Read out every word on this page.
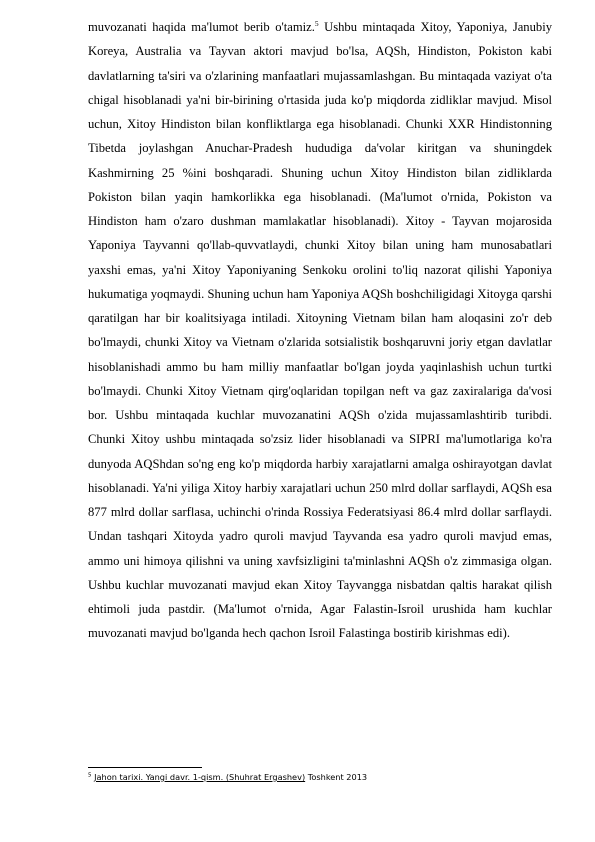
muvozanati haqida ma'lumot berib o'tamiz.$^5$ Ushbu mintaqada Xitoy, Yaponiya, Janubiy Koreya, Australia va Tayvan aktori mavjud bo'lsa, AQSh, Hindiston, Pokiston kabi davlatlarning ta'siri va o'zlarining manfaatlari mujassamlashgan. Bu mintaqada vaziyat o'ta chigal hisoblanadi ya'ni bir-birining o'rtasida juda ko'p miqdorda zidliklar mavjud. Misol uchun, Xitoy Hindiston bilan konfliktlarga ega hisoblanadi. Chunki XXR Hindistonning Tibetda joylashgan Anuchar-Pradesh hududiga da'volar kiritgan va shuningdek Kashmirning 25 %ini boshqaradi. Shuning uchun Xitoy Hindiston bilan zidliklarda Pokiston bilan yaqin hamkorlikka ega hisoblanadi. (Ma'lumot o'rnida, Pokiston va Hindiston ham o'zaro dushman mamlakatlar hisoblanadi). Xitoy - Tayvan mojarosida Yaponiya Tayvanni qo'llab-quvvatlaydi, chunki Xitoy bilan uning ham munosabatlari yaxshi emas, ya'ni Xitoy Yaponiyaning Senkoku orolini to'liq nazorat qilishi Yaponiya hukumatiga yoqmaydi. Shuning uchun ham Yaponiya AQSh boshchiligidagi Xitoyga qarshi qaratilgan har bir koalitsiyaga intiladi. Xitoyning Vietnam bilan ham aloqasini zo'r deb bo'lmaydi, chunki Xitoy va Vietnam o'zlarida sotsialistik boshqaruvni joriy etgan davlatlar hisoblanishadi ammo bu ham milliy manfaatlar bo'lgan joyda yaqinlashish uchun turtki bo'lmaydi. Chunki Xitoy Vietnam qirg'oqlaridan topilgan neft va gaz zaxiralariga da'vosi bor. Ushbu mintaqada kuchlar muvozanatini AQSh o'zida mujassamlashtirib turibdi. Chunki Xitoy ushbu mintaqada so'zsiz lider hisoblanadi va SIPRI ma'lumotlariga ko'ra dunyoda AQShdan so'ng eng ko'p miqdorda harbiy xarajatlarni amalga oshirayotgan davlat hisoblanadi. Ya'ni yiliga Xitoy harbiy xarajatlari uchun 250 mlrd dollar sarflaydi, AQSh esa 877 mlrd dollar sarflasa, uchinchi o'rinda Rossiya Federatsiyasi 86.4 mlrd dollar sarflaydi. Undan tashqari Xitoyda yadro quroli mavjud Tayvanda esa yadro quroli mavjud emas, ammo uni himoya qilishni va uning xavfsizligini ta'minlashni AQSh o'z zimmasiga olgan. Ushbu kuchlar muvozanati mavjud ekan Xitoy Tayvangga nisbatdan qaltis harakat qilish ehtimoli juda pastdir. (Ma'lumot o'rnida, Agar Falastin-Isroil urushida ham kuchlar muvozanati mavjud bo'lganda hech qachon Isroil Falastinga bostirib kirishmas edi).

$^5$ Jahon tarixi. Yangi davr. 1-qism. (Shuhrat Ergashev) Toshkent 2013
